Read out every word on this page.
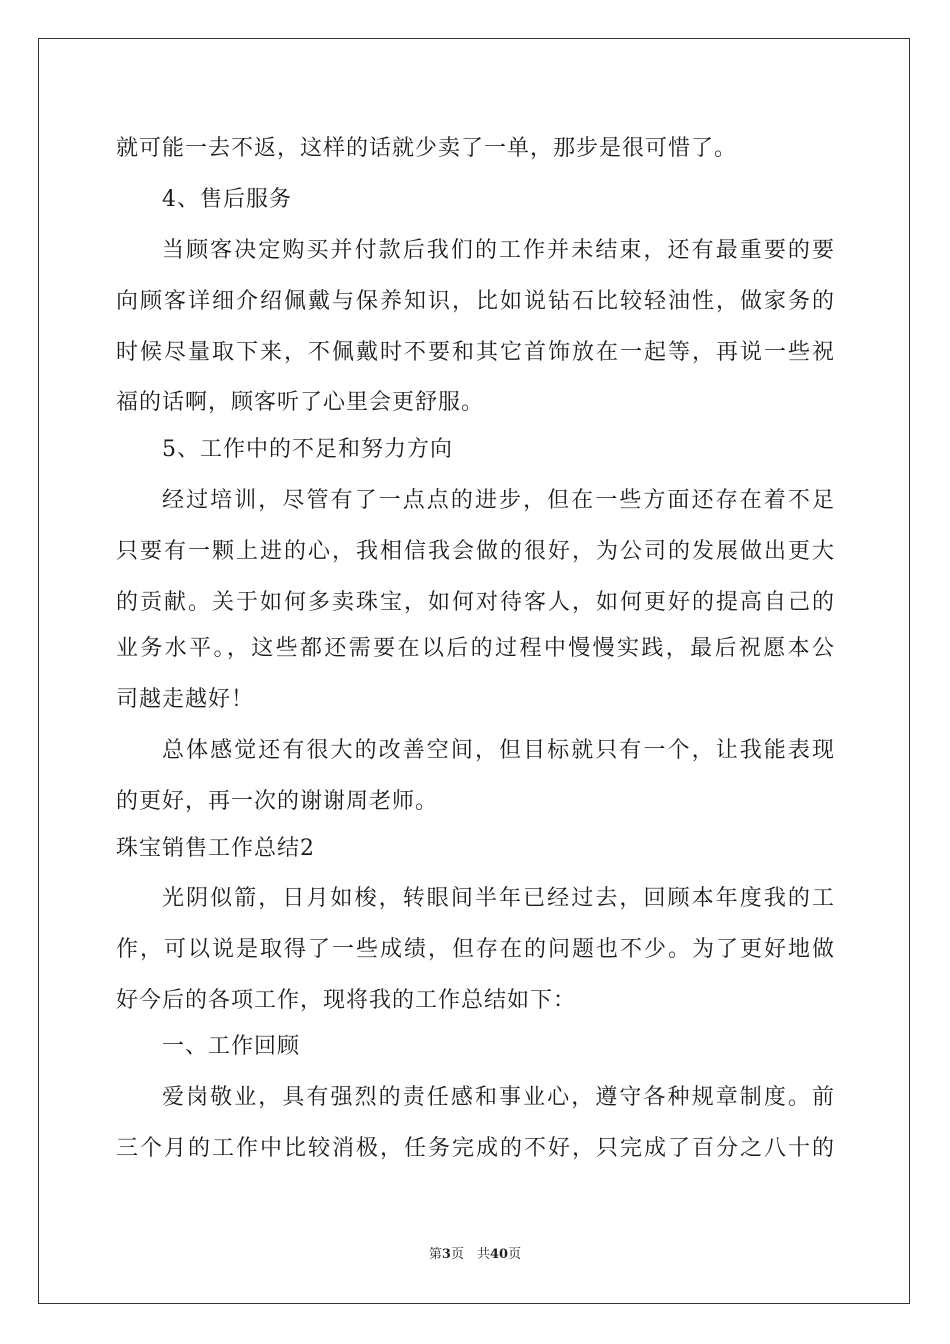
就可能一去不返，这样的话就少卖了一单，那步是很可惜了。
4、售后服务
当顾客决定购买并付款后我们的工作并未结束，还有最重要的要
向顾客详细介绍佩戴与保养知识，比如说钻石比较轻油性，做家务的
时候尽量取下来，不佩戴时不要和其它首饰放在一起等，再说一些祝
福的话啊，顾客听了心里会更舒服。
5、工作中的不足和努力方向
经过培训，尽管有了一点点的进步，但在一些方面还存在着不足
只要有一颗上进的心，我相信我会做的很好，为公司的发展做出更大
的贡献。关于如何多卖珠宝，如何对待客人，如何更好的提高自己的
业务水平。，这些都还需要在以后的过程中慢慢实践，最后祝愿本公
司越走越好！
总体感觉还有很大的改善空间，但目标就只有一个，让我能表现
的更好，再一次的谢谢周老师。
珠宝销售工作总结2
光阴似箭，日月如梭，转眼间半年已经过去，回顾本年度我的工
作，可以说是取得了一些成绩，但存在的问题也不少。为了更好地做
好今后的各项工作，现将我的工作总结如下：
一、工作回顾
爱岗敬业，具有强烈的责任感和事业心，遵守各种规章制度。前
三个月的工作中比较消极，任务完成的不好，只完成了百分之八十的
第3页　共40页
